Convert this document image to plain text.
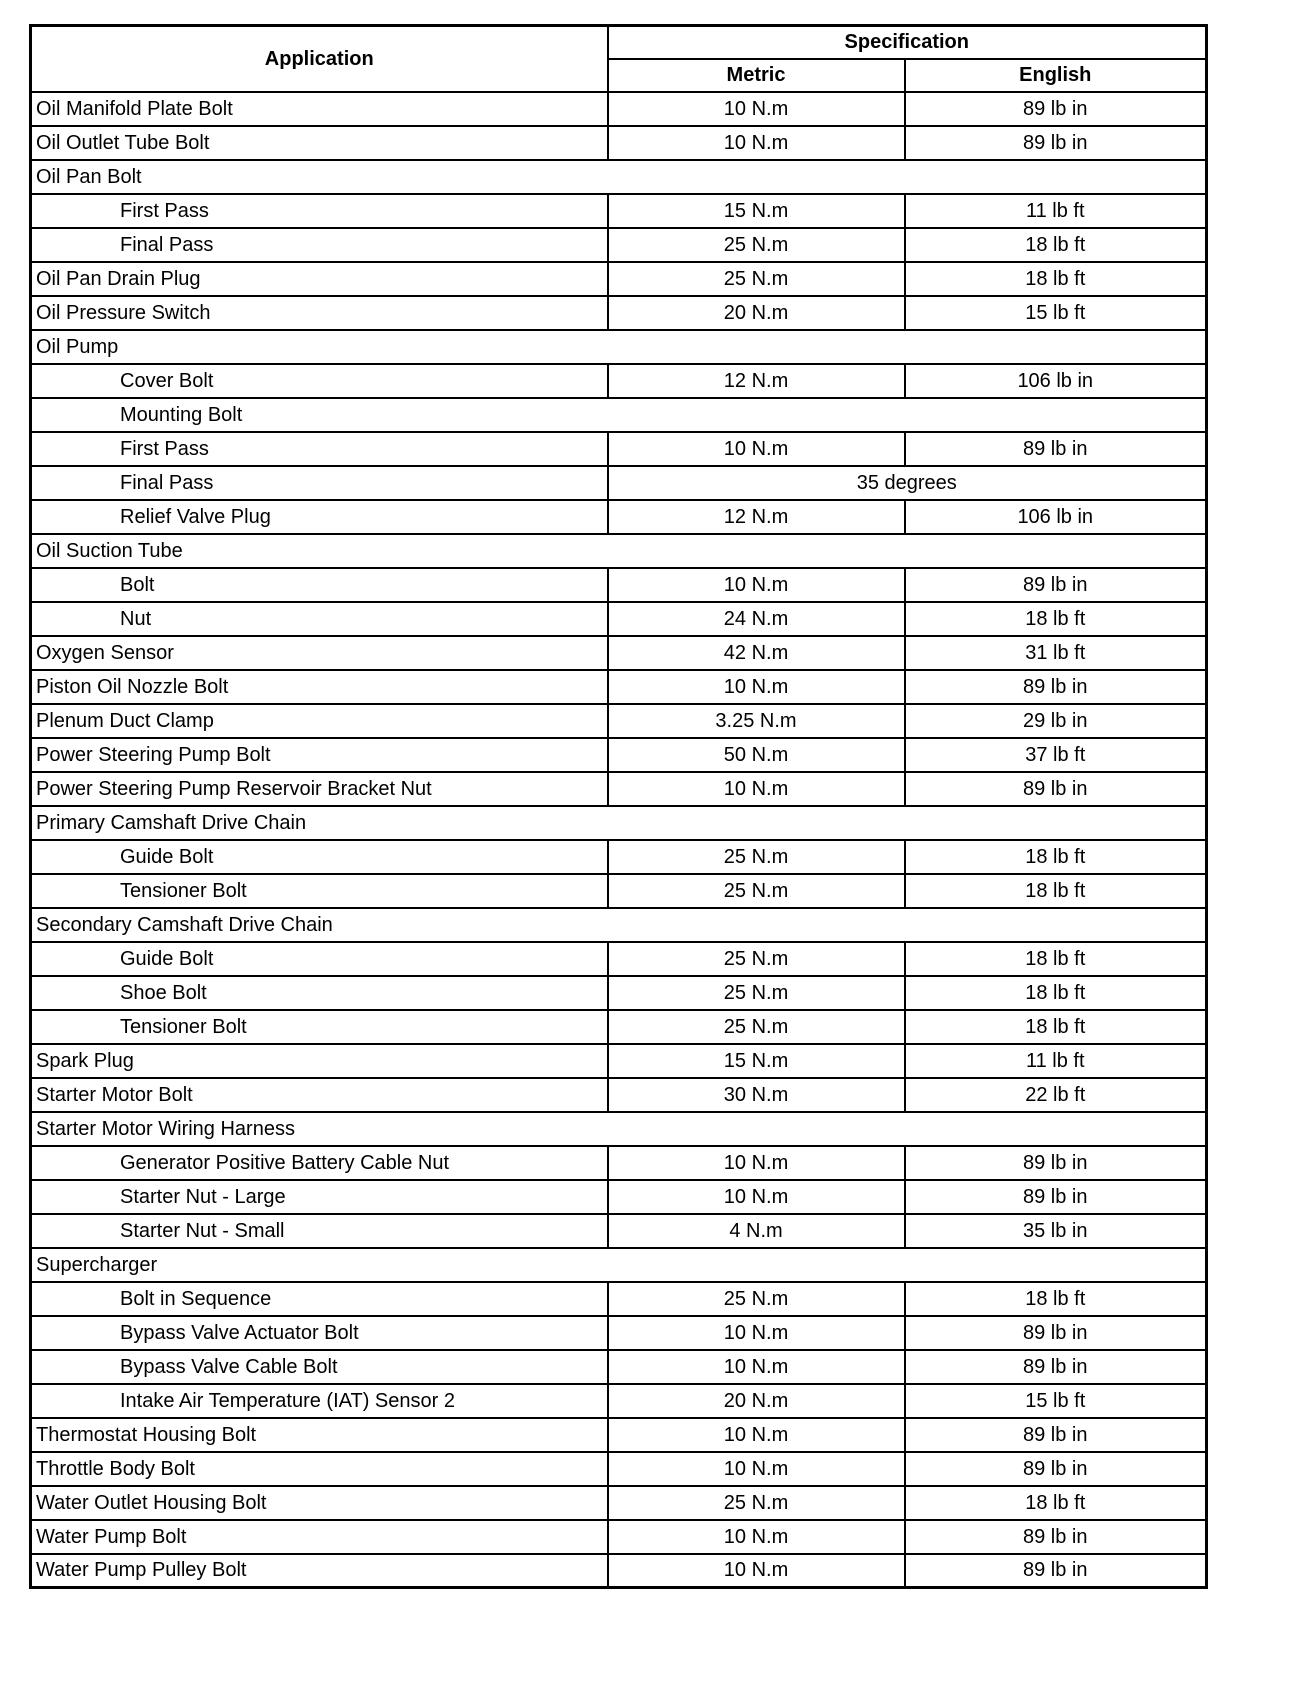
Application	Specification	
	Metric	English
Oil Manifold Plate Bolt	10 N.m	89 lb in
Oil Outlet Tube Bolt	10 N.m	89 lb in
Oil Pan Bolt		
First Pass	15 N.m	11 lb ft
Final Pass	25 N.m	18 lb ft
Oil Pan Drain Plug	25 N.m	18 lb ft
Oil Pressure Switch	20 N.m	15 lb ft
Oil Pump		
Cover Bolt	12 N.m	106 lb in
Mounting Bolt		
First Pass	10 N.m	89 lb in
Final Pass	35 degrees	
Relief Valve Plug	12 N.m	106 lb in
Oil Suction Tube		
Bolt	10 N.m	89 lb in
Nut	24 N.m	18 lb ft
Oxygen Sensor	42 N.m	31 lb ft
Piston Oil Nozzle Bolt	10 N.m	89 lb in
Plenum Duct Clamp	3.25 N.m	29 lb in
Power Steering Pump Bolt	50 N.m	37 lb ft
Power Steering Pump Reservoir Bracket Nut	10 N.m	89 lb in
Primary Camshaft Drive Chain		
Guide Bolt	25 N.m	18 lb ft
Tensioner Bolt	25 N.m	18 lb ft
Secondary Camshaft Drive Chain		
Guide Bolt	25 N.m	18 lb ft
Shoe Bolt	25 N.m	18 lb ft
Tensioner Bolt	25 N.m	18 lb ft
Spark Plug	15 N.m	11 lb ft
Starter Motor Bolt	30 N.m	22 lb ft
Starter Motor Wiring Harness		
Generator Positive Battery Cable Nut	10 N.m	89 lb in
Starter Nut - Large	10 N.m	89 lb in
Starter Nut - Small	4 N.m	35 lb in
Supercharger		
Bolt in Sequence	25 N.m	18 lb ft
Bypass Valve Actuator Bolt	10 N.m	89 lb in
Bypass Valve Cable Bolt	10 N.m	89 lb in
Intake Air Temperature (IAT) Sensor 2	20 N.m	15 lb ft
Thermostat Housing Bolt	10 N.m	89 lb in
Throttle Body Bolt	10 N.m	89 lb in
Water Outlet Housing Bolt	25 N.m	18 lb ft
Water Pump Bolt	10 N.m	89 lb in
Water Pump Pulley Bolt	10 N.m	89 lb in
